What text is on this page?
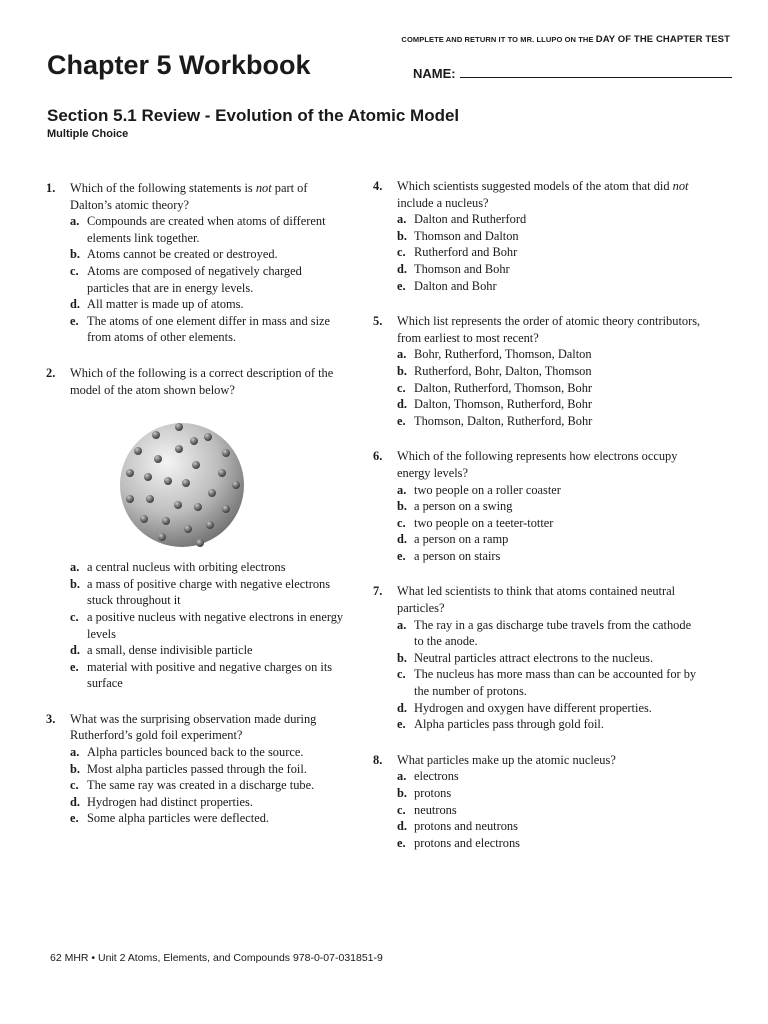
COMPLETE AND RETURN IT TO MR. LLUPO ON THE DAY OF THE CHAPTER TEST
Chapter 5 Workbook	NAME:
Section 5.1 Review - Evolution of the Atomic Model
Multiple Choice
1. Which of the following statements is not part of Dalton’s atomic theory?
a. Compounds are created when atoms of different elements link together.
b. Atoms cannot be created or destroyed.
c. Atoms are composed of negatively charged particles that are in energy levels.
d. All matter is made up of atoms.
e. The atoms of one element differ in mass and size from atoms of other elements.
2. Which of the following is a correct description of the model of the atom shown below?
a. a central nucleus with orbiting electrons
b. a mass of positive charge with negative electrons stuck throughout it
c. a positive nucleus with negative electrons in energy levels
d. a small, dense indivisible particle
e. material with positive and negative charges on its surface
3. What was the surprising observation made during Rutherford’s gold foil experiment?
a. Alpha particles bounced back to the source.
b. Most alpha particles passed through the foil.
c. The same ray was created in a discharge tube.
d. Hydrogen had distinct properties.
e. Some alpha particles were deflected.
4. Which scientists suggested models of the atom that did not include a nucleus?
a. Dalton and Rutherford
b. Thomson and Dalton
c. Rutherford and Bohr
d. Thomson and Bohr
e. Dalton and Bohr
5. Which list represents the order of atomic theory contributors, from earliest to most recent?
a. Bohr, Rutherford, Thomson, Dalton
b. Rutherford, Bohr, Dalton, Thomson
c. Dalton, Rutherford, Thomson, Bohr
d. Dalton, Thomson, Rutherford, Bohr
e. Thomson, Dalton, Rutherford, Bohr
6. Which of the following represents how electrons occupy energy levels?
a. two people on a roller coaster
b. a person on a swing
c. two people on a teeter-totter
d. a person on a ramp
e. a person on stairs
7. What led scientists to think that atoms contained neutral particles?
a. The ray in a gas discharge tube travels from the cathode to the anode.
b. Neutral particles attract electrons to the nucleus.
c. The nucleus has more mass than can be accounted for by the number of protons.
d. Hydrogen and oxygen have different properties.
e. Alpha particles pass through gold foil.
8. What particles make up the atomic nucleus?
a. electrons
b. protons
c. neutrons
d. protons and neutrons
e. protons and electrons
62 MHR • Unit 2 Atoms, Elements, and Compounds 978-0-07-031851-9
